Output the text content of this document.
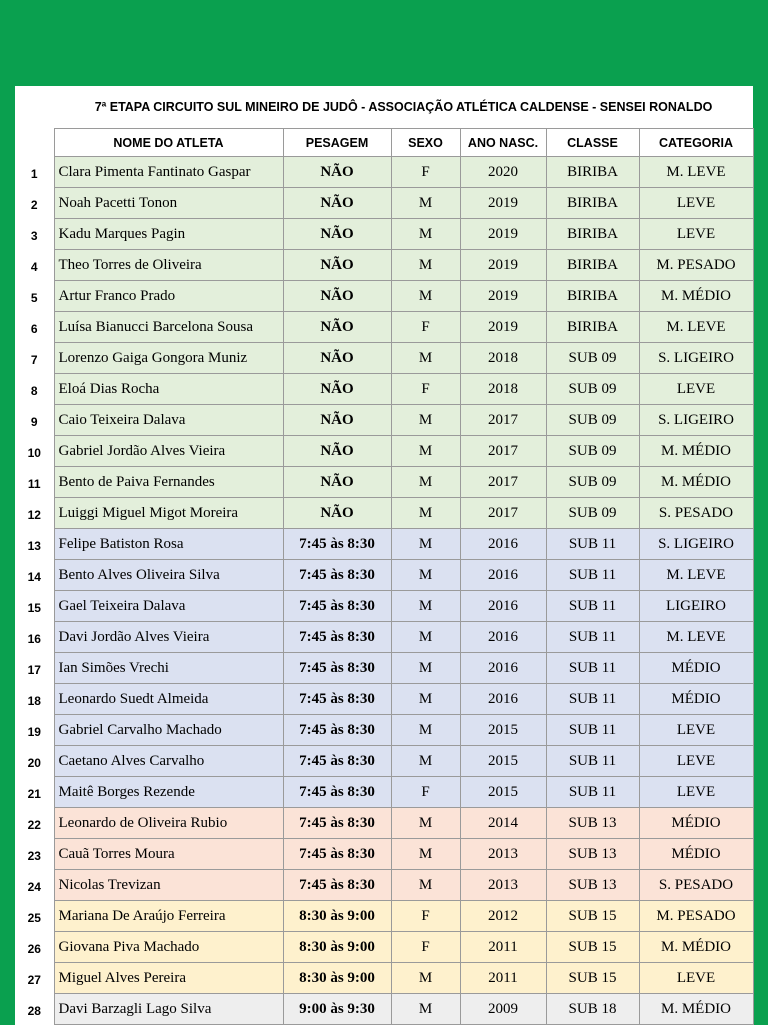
	7ª ETAPA CIRCUITO SUL MINEIRO DE JUDÔ - ASSOCIAÇÃO ATLÉTICA CALDENSE - SENSEI RONALDO					
	NOME DO ATLETA	PESAGEM	SEXO	ANO NASC.	CLASSE	CATEGORIA
1	Clara Pimenta Fantinato Gaspar	NÃO	F	2020	BIRIBA	M. LEVE
2	Noah Pacetti Tonon	NÃO	M	2019	BIRIBA	LEVE
3	Kadu Marques Pagin	NÃO	M	2019	BIRIBA	LEVE
4	Theo Torres de Oliveira	NÃO	M	2019	BIRIBA	M. PESADO
5	Artur Franco Prado	NÃO	M	2019	BIRIBA	M. MÉDIO
6	Luísa Bianucci Barcelona Sousa	NÃO	F	2019	BIRIBA	M. LEVE
7	Lorenzo Gaiga Gongora Muniz	NÃO	M	2018	SUB 09	S. LIGEIRO
8	Eloá Dias Rocha	NÃO	F	2018	SUB 09	LEVE
9	Caio Teixeira Dalava	NÃO	M	2017	SUB 09	S. LIGEIRO
10	Gabriel Jordão Alves Vieira	NÃO	M	2017	SUB 09	M. MÉDIO
11	Bento de Paiva Fernandes	NÃO	M	2017	SUB 09	M. MÉDIO
12	Luiggi Miguel Migot Moreira	NÃO	M	2017	SUB 09	S. PESADO
13	Felipe Batiston Rosa	7:45 às 8:30	M	2016	SUB 11	S. LIGEIRO
14	Bento Alves Oliveira Silva	7:45 às 8:30	M	2016	SUB 11	M. LEVE
15	Gael Teixeira Dalava	7:45 às 8:30	M	2016	SUB 11	LIGEIRO
16	Davi Jordão Alves Vieira	7:45 às 8:30	M	2016	SUB 11	M. LEVE
17	Ian Simões Vrechi	7:45 às 8:30	M	2016	SUB 11	MÉDIO
18	Leonardo Suedt Almeida	7:45 às 8:30	M	2016	SUB 11	MÉDIO
19	Gabriel Carvalho Machado	7:45 às 8:30	M	2015	SUB 11	LEVE
20	Caetano Alves Carvalho	7:45 às 8:30	M	2015	SUB 11	LEVE
21	Maitê Borges Rezende	7:45 às 8:30	F	2015	SUB 11	LEVE
22	Leonardo de Oliveira Rubio	7:45 às 8:30	M	2014	SUB 13	MÉDIO
23	Cauã Torres Moura	7:45 às 8:30	M	2013	SUB 13	MÉDIO
24	Nicolas Trevizan	7:45 às 8:30	M	2013	SUB 13	S. PESADO
25	Mariana De Araújo Ferreira	8:30 às 9:00	F	2012	SUB 15	M. PESADO
26	Giovana Piva Machado	8:30 às 9:00	F	2011	SUB 15	M. MÉDIO
27	Miguel Alves Pereira	8:30 às 9:00	M	2011	SUB 15	LEVE
28	Davi Barzagli Lago Silva	9:00 às 9:30	M	2009	SUB 18	M. MÉDIO
